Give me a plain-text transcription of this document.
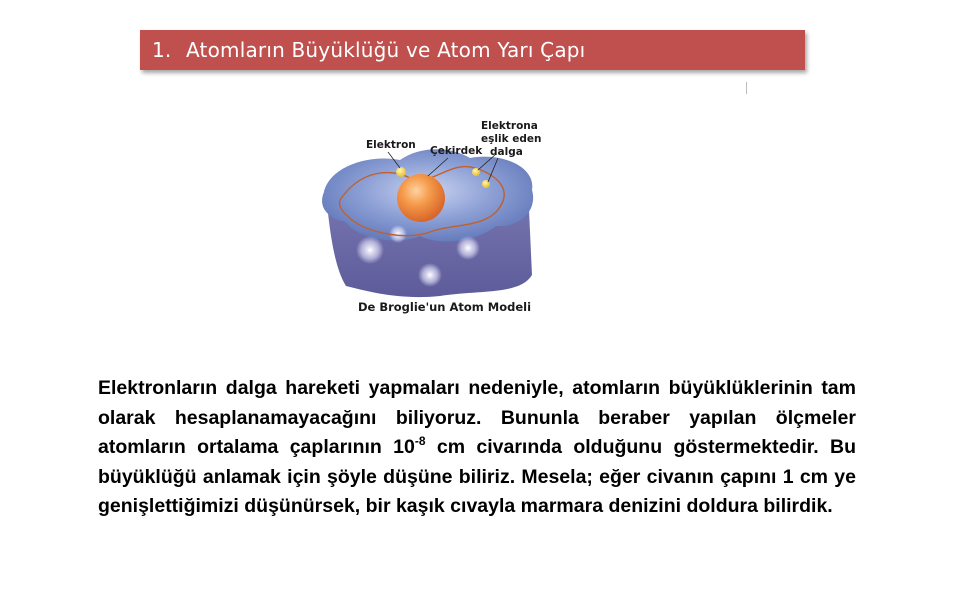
1. Atomların Büyüklüğü ve Atom Yarı Çapı
Elektron Çekirdek
Elektrona
eşlik eden
dalga
De Broglie'un Atom Modeli

Elektronların dalga hareketi yapmaları nedeniyle, atomların büyüklüklerinin tam olarak hesaplanamayacağını biliyoruz. Bununla beraber yapılan ölçmeler atomların ortalama çaplarının $10^{-8}$ cm civarında olduğunu göstermektedir. Bu büyüklüğü anlamak için şöyle düşüne biliriz. Mesela; eğer civanın çapını 1 cm ye genişlettiğimizi düşünürsek, bir kaşık cıvayla marmara denizini doldura bilirdik.
